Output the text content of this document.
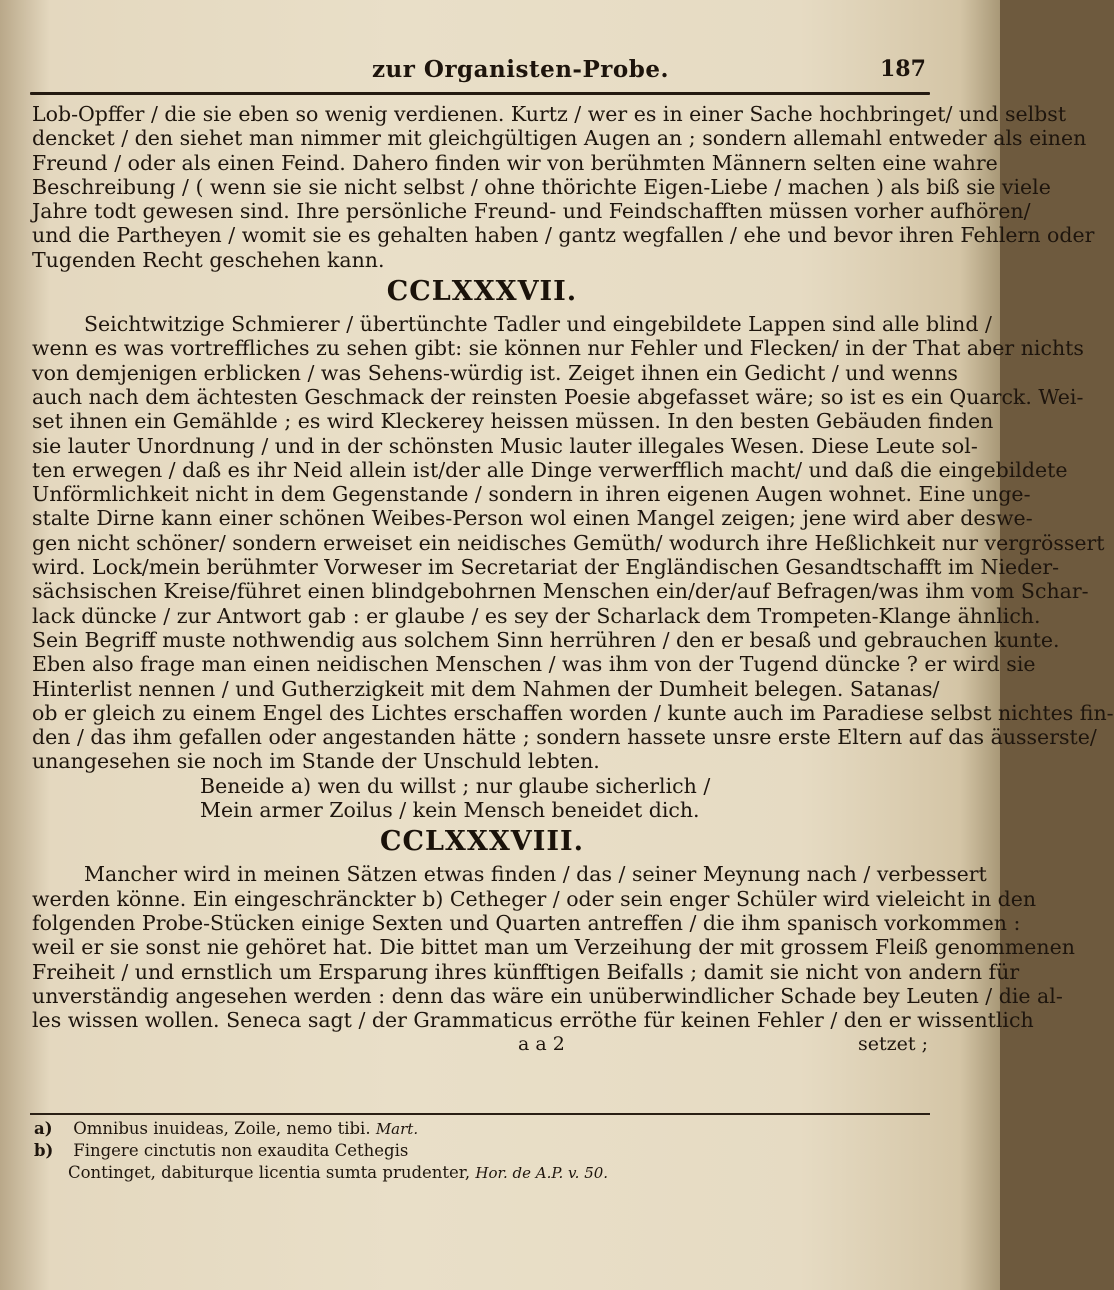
zur Organisten-Probe.	187
Lob-Opffer / die sie eben so wenig verdienen. Kurtz / wer es in einer Sache hochbringet/ und selbst
dencket / den siehet man nimmer mit gleichgültigen Augen an ; sondern allemahl entweder als einen
Freund / oder als einen Feind. Dahero finden wir von berühmten Männern selten eine wahre
Beschreibung / ( wenn sie sie nicht selbst / ohne thörichte Eigen-Liebe / machen ) als biß sie viele
Jahre todt gewesen sind. Ihre persönliche Freund- und Feindschafften müssen vorher aufhören/
und die Partheyen / womit sie es gehalten haben / gantz wegfallen / ehe und bevor ihren Fehlern oder
Tugenden Recht geschehen kann.
CCLXXXVII.
Seichtwitzige Schmierer / übertünchte Tadler und eingebildete Lappen sind alle blind /
wenn es was vortreffliches zu sehen gibt: sie können nur Fehler und Flecken/ in der That aber nichts
von demjenigen erblicken / was Sehens-würdig ist. Zeiget ihnen ein Gedicht / und wenns
auch nach dem ächtesten Geschmack der reinsten Poesie abgefasset wäre; so ist es ein Quarck. Wei-
set ihnen ein Gemählde ; es wird Kleckerey heissen müssen. In den besten Gebäuden finden
sie lauter Unordnung / und in der schönsten Music lauter illegales Wesen. Diese Leute sol-
ten erwegen / daß es ihr Neid allein ist/der alle Dinge verwerfflich macht/ und daß die eingebildete
Unförmlichkeit nicht in dem Gegenstande / sondern in ihren eigenen Augen wohnet. Eine unge-
stalte Dirne kann einer schönen Weibes-Person wol einen Mangel zeigen; jene wird aber deswe-
gen nicht schöner/ sondern erweiset ein neidisches Gemüth/ wodurch ihre Heßlichkeit nur vergrössert
wird. Lock/mein berühmter Vorweser im Secretariat der Engländischen Gesandtschafft im Nieder-
sächsischen Kreise/führet einen blindgebohrnen Menschen ein/der/auf Befragen/was ihm vom Schar-
lack düncke / zur Antwort gab : er glaube / es sey der Scharlack dem Trompeten-Klange ähnlich.
Sein Begriff muste nothwendig aus solchem Sinn herrühren / den er besaß und gebrauchen kunte.
Eben also frage man einen neidischen Menschen / was ihm von der Tugend düncke ? er wird sie
Hinterlist nennen / und Gutherzigkeit mit dem Nahmen der Dumheit belegen. Satanas/
ob er gleich zu einem Engel des Lichtes erschaffen worden / kunte auch im Paradiese selbst nichtes fin-
den / das ihm gefallen oder angestanden hätte ; sondern hassete unsre erste Eltern auf das äusserste/
unangesehen sie noch im Stande der Unschuld lebten.
Beneide a) wen du willst ; nur glaube sicherlich /
Mein armer Zoilus / kein Mensch beneidet dich.
CCLXXXVIII.
Mancher wird in meinen Sätzen etwas finden / das / seiner Meynung nach / verbessert
werden könne. Ein eingeschränckter b) Cetheger / oder sein enger Schüler wird vieleicht in den
folgenden Probe-Stücken einige Sexten und Quarten antreffen / die ihm spanisch vorkommen :
weil er sie sonst nie gehöret hat. Die bittet man um Verzeihung der mit grossem Fleiß genommenen
Freiheit / und ernstlich um Ersparung ihres künfftigen Beifalls ; damit sie nicht von andern für
unverständig angesehen werden : denn das wäre ein unüberwindlicher Schade bey Leuten / die al-
les wissen wollen. Seneca sagt / der Grammaticus erröthe für keinen Fehler / den er wissentlich
a a 2	setzet ;
a) Omnibus inuideas, Zoile, nemo tibi. Mart.
b) Fingere cinctutis non exaudita Cethegis
Continget, dabiturque licentia sumta prudenter, Hor. de A.P. v. 50.
